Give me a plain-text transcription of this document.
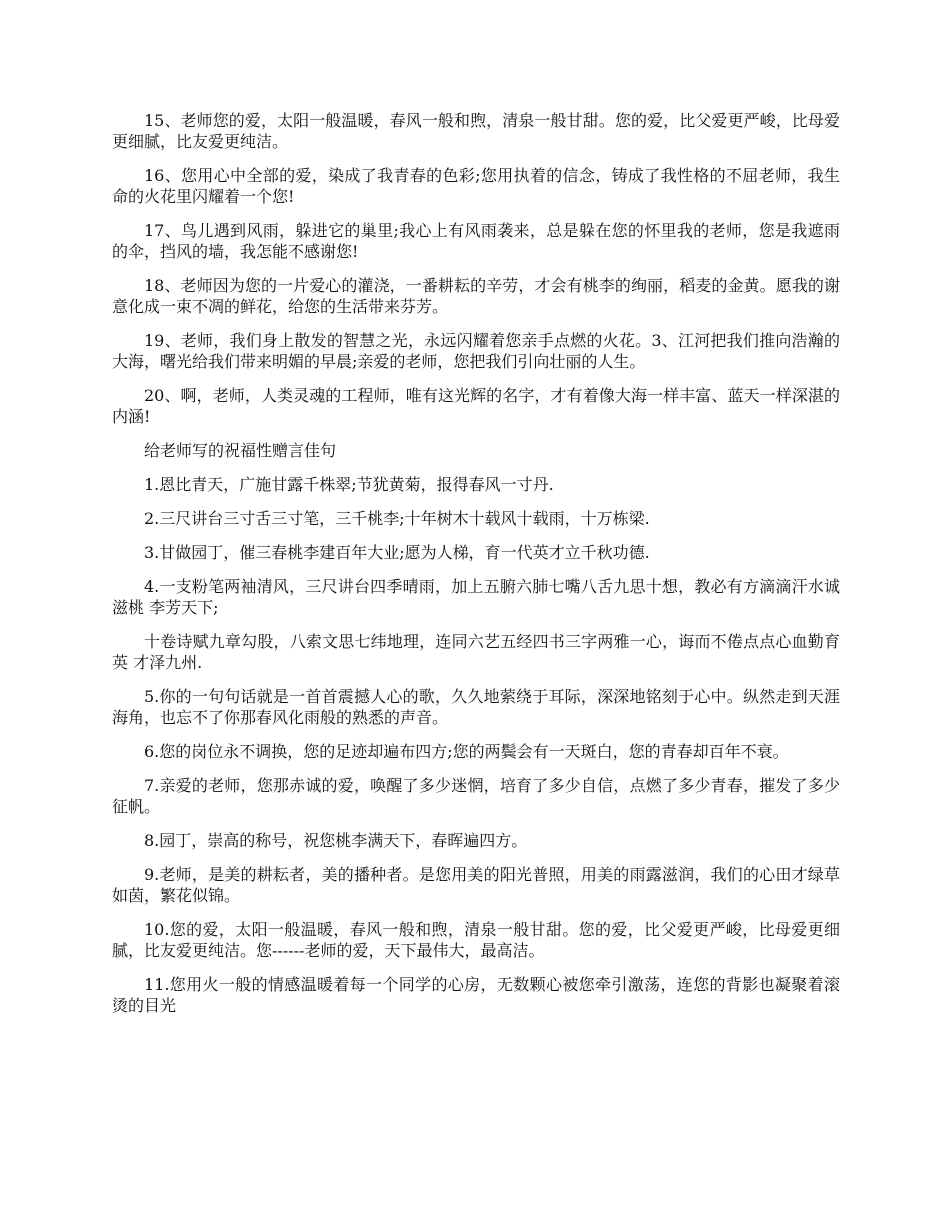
15、老师您的爱，太阳一般温暖，春风一般和煦，清泉一般甘甜。您的爱，比父爱更严峻，比母爱更细腻，比友爱更纯洁。

16、您用心中全部的爱，染成了我青春的色彩;您用执着的信念，铸成了我性格的不屈老师，我生命的火花里闪耀着一个您!

17、鸟儿遇到风雨，躲进它的巢里;我心上有风雨袭来，总是躲在您的怀里我的老师，您是我遮雨的伞，挡风的墙，我怎能不感谢您!

18、老师因为您的一片爱心的灌浇，一番耕耘的辛劳，才会有桃李的绚丽，稻麦的金黄。愿我的谢意化成一束不凋的鲜花，给您的生活带来芬芳。

19、老师，我们身上散发的智慧之光，永远闪耀着您亲手点燃的火花。3、江河把我们推向浩瀚的大海，曙光给我们带来明媚的早晨;亲爱的老师，您把我们引向壮丽的人生。

20、啊，老师，人类灵魂的工程师，唯有这光辉的名字，才有着像大海一样丰富、蓝天一样深湛的内涵!

给老师写的祝福性赠言佳句

1.恩比青天，广施甘露千株翠;节犹黄菊，报得春风一寸丹.

2.三尺讲台三寸舌三寸笔，三千桃李;十年树木十载风十载雨，十万栋梁.

3.甘做园丁，催三春桃李建百年大业;愿为人梯，育一代英才立千秋功德.

4.一支粉笔两袖清风，三尺讲台四季晴雨，加上五腑六肺七嘴八舌九思十想，教必有方滴滴汗水诚滋桃 李芳天下;

十卷诗赋九章勾股，八索文思七纬地理，连同六艺五经四书三字两雅一心，诲而不倦点点心血勤育英 才泽九州.

5.你的一句句话就是一首首震撼人心的歌，久久地萦绕于耳际，深深地铭刻于心中。纵然走到天涯海角，也忘不了你那春风化雨般的熟悉的声音。

6.您的岗位永不调换，您的足迹却遍布四方;您的两鬓会有一天斑白，您的青春却百年不衰。

7.亲爱的老师，您那赤诚的爱，唤醒了多少迷惘，培育了多少自信，点燃了多少青春，摧发了多少征帆。

8.园丁，崇高的称号，祝您桃李满天下，春晖遍四方。

9.老师，是美的耕耘者，美的播种者。是您用美的阳光普照，用美的雨露滋润，我们的心田才绿草如茵，繁花似锦。

10.您的爱，太阳一般温暖，春风一般和煦，清泉一般甘甜。您的爱，比父爱更严峻，比母爱更细腻，比友爱更纯洁。您------老师的爱，天下最伟大，最高洁。

11.您用火一般的情感温暖着每一个同学的心房，无数颗心被您牵引激荡，连您的背影也凝聚着滚烫的目光
